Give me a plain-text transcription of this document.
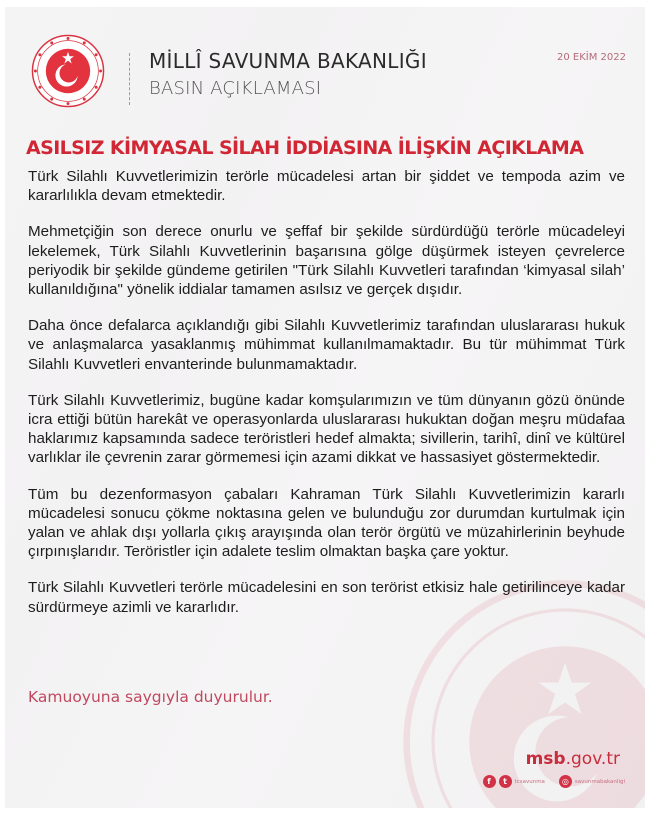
MİLLÎ SAVUNMA BAKANLIĞI
BASIN AÇIKLAMASI
20 EKİM 2022
ASILSIZ KİMYASAL SİLAH İDDİASINA İLİŞKİN AÇIKLAMA

Türk Silahlı Kuvvetlerimizin terörle mücadelesi artan bir şiddet ve tempoda azim ve kararlılıkla devam etmektedir.

Mehmetçiğin son derece onurlu ve şeffaf bir şekilde sürdürdüğü terörle mücadeleyi lekelemek, Türk Silahlı Kuvvetlerinin başarısına gölge düşürmek isteyen çevrelerce periyodik bir şekilde gündeme getirilen "Türk Silahlı Kuvvetleri tarafından ‘kimyasal silah’ kullanıldığına" yönelik iddialar tamamen asılsız ve gerçek dışıdır.

Daha önce defalarca açıklandığı gibi Silahlı Kuvvetlerimiz tarafından uluslararası hukuk ve anlaşmalarca yasaklanmış mühimmat kullanılmamaktadır. Bu tür mühimmat Türk Silahlı Kuvvetleri envanterinde bulunmamaktadır.

Türk Silahlı Kuvvetlerimiz, bugüne kadar komşularımızın ve tüm dünyanın gözü önünde icra ettiği bütün harekât ve operasyonlarda uluslararası hukuktan doğan meşru müdafaa haklarımız kapsamında sadece teröristleri hedef almakta; sivillerin, tarihî, dinî ve kültürel varlıklar ile çevrenin zarar görmemesi için azami dikkat ve hassasiyet göstermektedir.

Tüm bu dezenformasyon çabaları Kahraman Türk Silahlı Kuvvetlerimizin kararlı mücadelesi sonucu çökme noktasına gelen ve bulunduğu zor durumdan kurtulmak için yalan ve ahlak dışı yollarla çıkış arayışında olan terör örgütü ve müzahirlerinin beyhude çırpınışlarıdır. Teröristler için adalete teslim olmaktan başka çare yoktur.

Türk Silahlı Kuvvetleri terörle mücadelesini en son terörist etkisiz hale getirilinceye kadar sürdürmeye azimli ve kararlıdır.

Kamuoyuna saygıyla duyurulur.
msb.gov.tr
f	t	tcsavunma	◎	savunmabakanligi
